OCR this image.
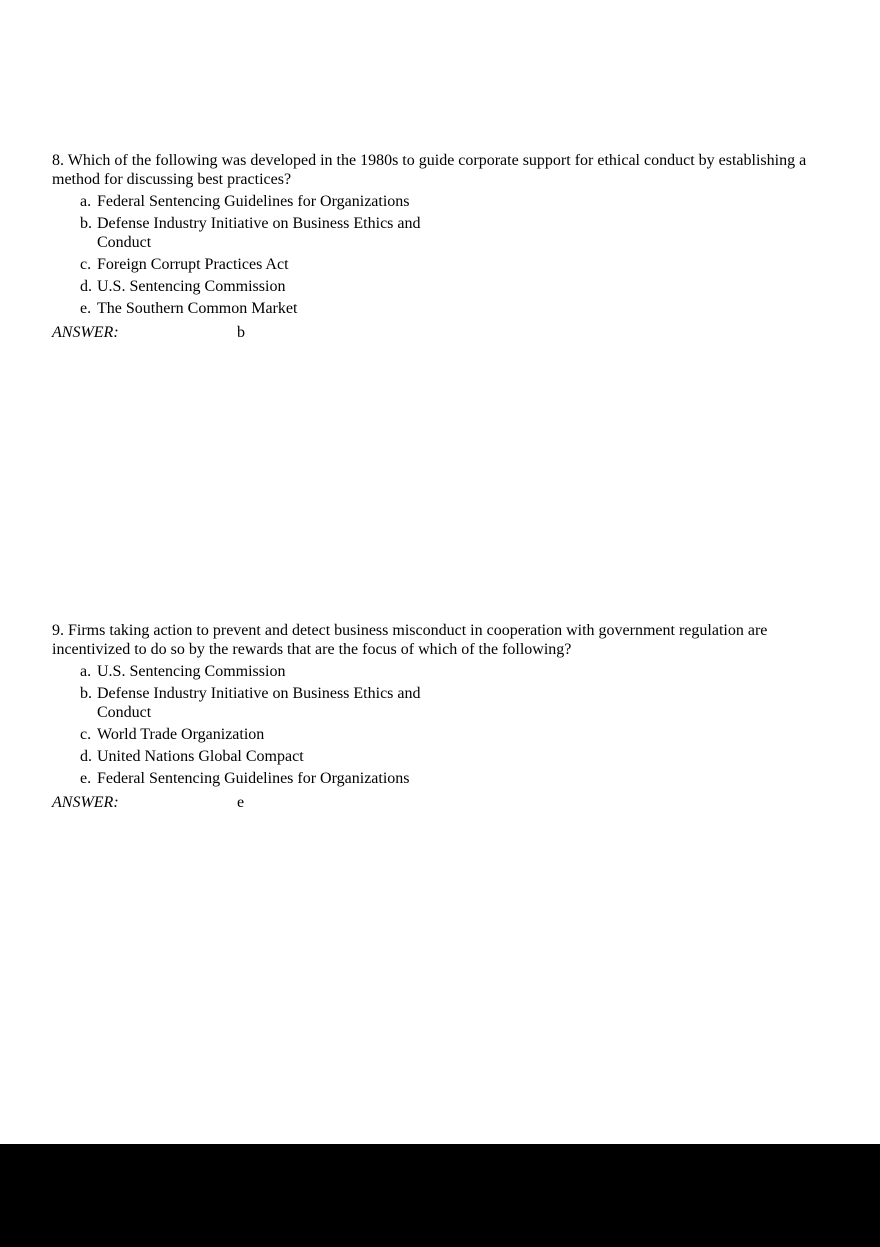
8. Which of the following was developed in the 1980s to guide corporate support for ethical conduct by establishing a method for discussing best practices?

a. Federal Sentencing Guidelines for Organizations
b. Defense Industry Initiative on Business Ethics and Conduct
c. Foreign Corrupt Practices Act
d. U.S. Sentencing Commission
e. The Southern Common Market
ANSWER:	b

9. Firms taking action to prevent and detect business misconduct in cooperation with government regulation are incentivized to do so by the rewards that are the focus of which of the following?

a. U.S. Sentencing Commission
b. Defense Industry Initiative on Business Ethics and Conduct
c. World Trade Organization
d. United Nations Global Compact
e. Federal Sentencing Guidelines for Organizations
ANSWER:	e
